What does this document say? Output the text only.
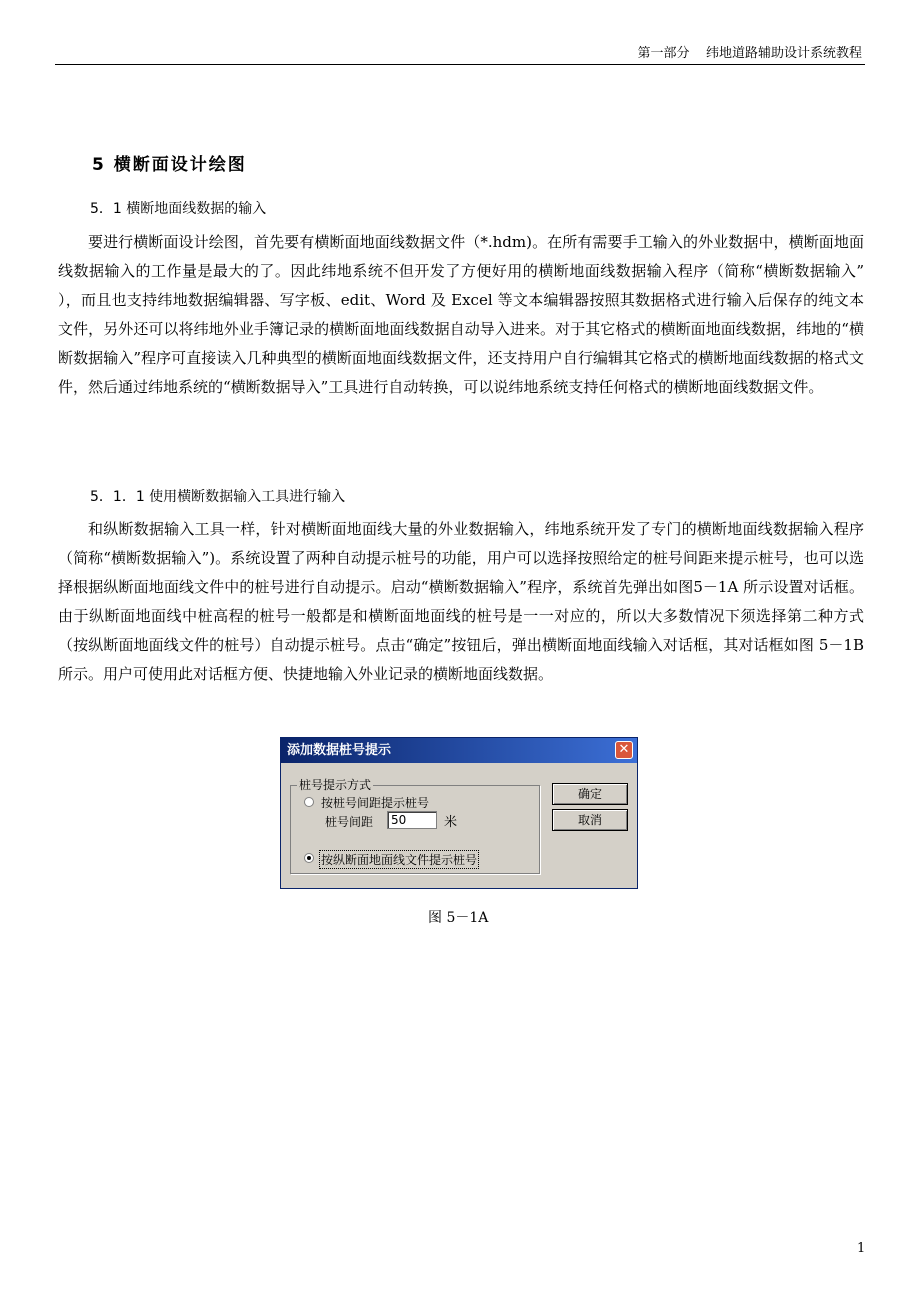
第一部分 纬地道路辅助设计系统教程
5 横断面设计绘图
5．1 横断地面线数据的输入

要进行横断面设计绘图，首先要有横断面地面线数据文件（*.hdm)。在所有需要手工输入的外业数据中，横断面地面线数据输入的工作量是最大的了。因此纬地系统不但开发了方便好用的横断地面线数据输入程序（简称“横断数据输入” ），而且也支持纬地数据编辑器、写字板、edit、Word 及 Excel 等文本编辑器按照其数据格式进行输入后保存的纯文本文件，另外还可以将纬地外业手簿记录的横断面地面线数据自动导入进来。对于其它格式的横断面地面线数据，纬地的“横断数据输入”程序可直接读入几种典型的横断面地面线数据文件，还支持用户自行编辑其它格式的横断地面线数据的格式文件，然后通过纬地系统的“横断数据导入”工具进行自动转换，可以说纬地系统支持任何格式的横断地面线数据文件。

5．1．1 使用横断数据输入工具进行输入

和纵断数据输入工具一样，针对横断面地面线大量的外业数据输入，纬地系统开发了专门的横断地面线数据输入程序（简称“横断数据输入”)。系统设置了两种自动提示桩号的功能，用户可以选择按照给定的桩号间距来提示桩号，也可以选择根据纵断面地面线文件中的桩号进行自动提示。启动“横断数据输入”程序，系统首先弹出如图5－1A 所示设置对话框。由于纵断面地面线中桩高程的桩号一般都是和横断面地面线的桩号是一一对应的，所以大多数情况下须选择第二种方式（按纵断面地面线文件的桩号）自动提示桩号。点击“确定”按钮后，弹出横断面地面线输入对话框，其对话框如图 5－1B 所示。用户可使用此对话框方便、快捷地输入外业记录的横断地面线数据。

添加数据桩号提示	✕
桩号提示方式
按桩号间距提示桩号
桩号间距	50	米
按纵断面地面线文件提示桩号
确定
取消
图 5－1A
1
